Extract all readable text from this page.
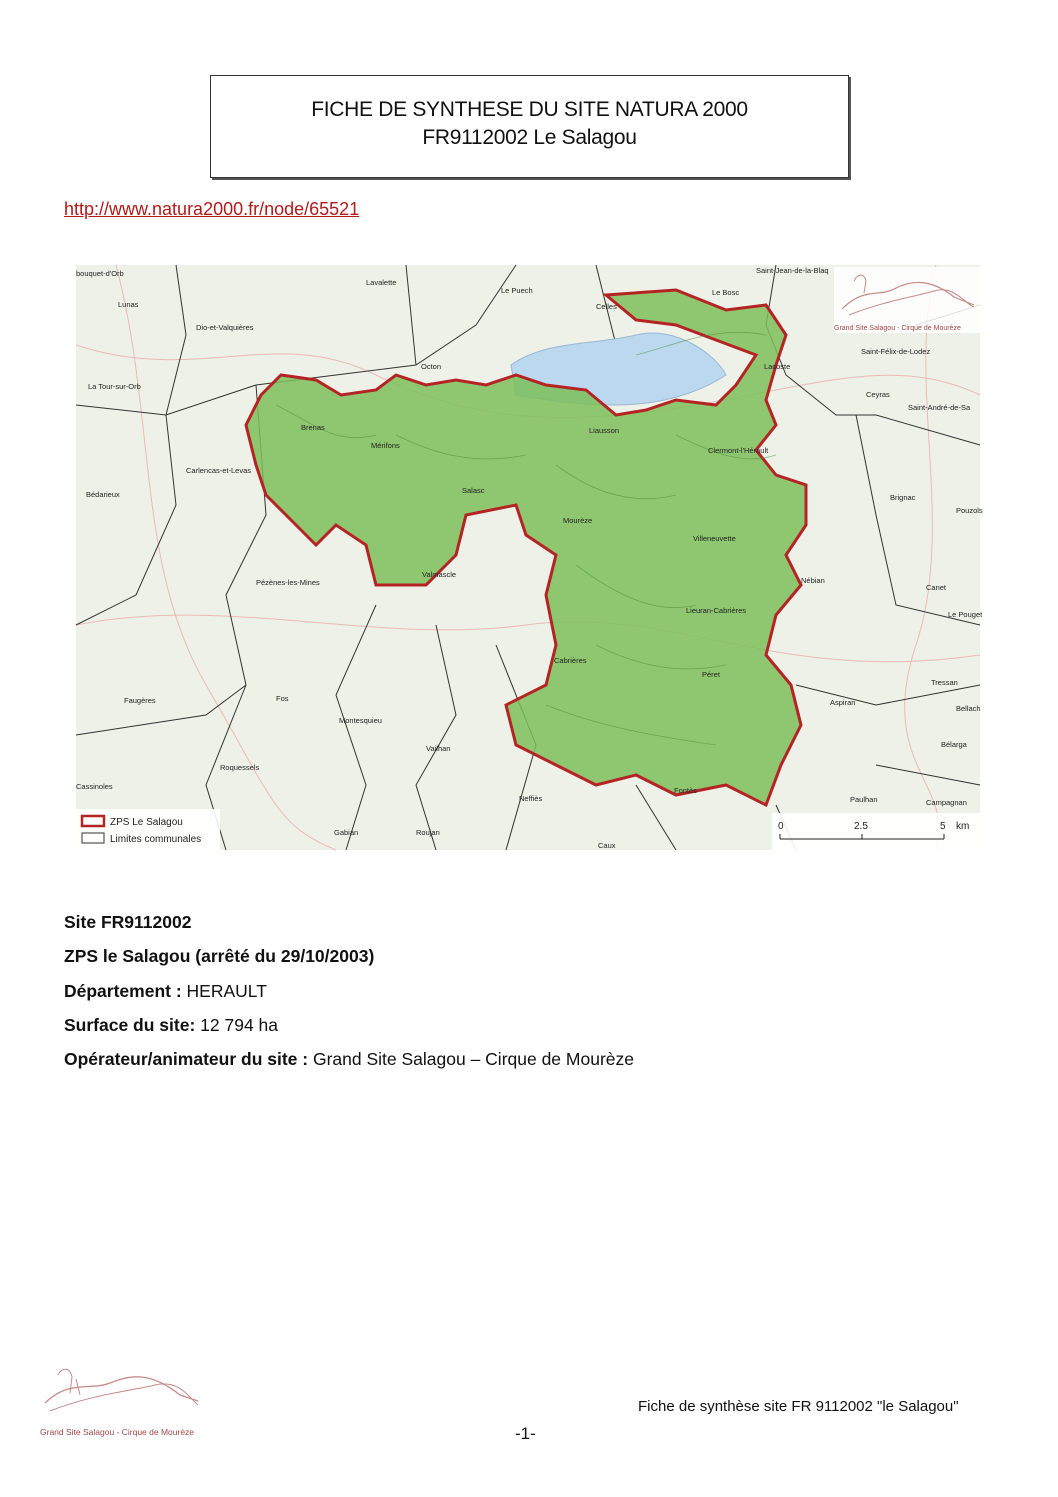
FICHE DE SYNTHESE DU SITE NATURA 2000
FR9112002 Le Salagou
http://www.natura2000.fr/node/65521
Lavalette
Le Puech
Saint-Jean-de-la-Blaq
Le Bosc
Lunas
Dio-et-Valquières
Celles
Octon
La Tour-sur-Orb
Brenas
Mérifons
Liausson
Clermont-l'Hérault
Carlencas-et-Levas
Salasc
Mourèze
Brignac
Bédarieux
Villeneuvette
Valmascle
Pézènes-les-Mines	Nébian
Cabrières
Péret
Faugères	Fos
Montesquieu
Vailhan
Aspiran
Roquessels
Neffiès
Fontès
Paulhan
Gabian	Roujan
Caux
Saint-Félix-de-Lodez
Ceyras
Saint-André-de-Sa
Lacoste
Canet
Tressan
Bélarga
Campagnan
Pouzols
Le Pouget
Bellach
Lieuran-Cabrières
bouquet-d'Orb
Cassinoles
Grand Site Salagou - Cirque de Mourèze
ZPS Le Salagou
Limites communales
0	2.5	5 km
Site FR9112002
ZPS le Salagou (arrêté du 29/10/2003)
Département : HERAULT
Surface du site: 12 794 ha
Opérateur/animateur du site : Grand Site Salagou – Cirque de Mourèze
Grand Site Salagou - Cirque de Mourèze
Fiche de synthèse site FR 9112002 "le Salagou"
-1-
